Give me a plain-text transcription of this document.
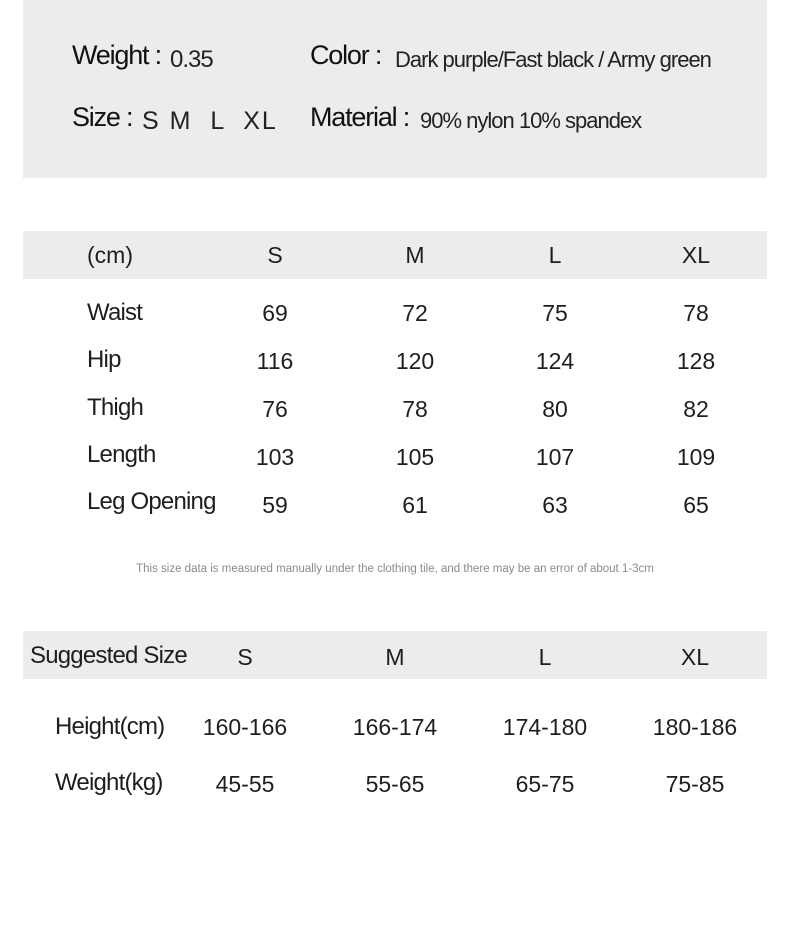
Weight : 0.35	Color : Dark purple/Fast black / Army green
Size : S M  L  XL Material : 90% nylon 10% spandex
(cm)	S	M	L	XL
Waist	69	72	75	78
Hip	116	120	124	128
Thigh	76	78	80	82
Length	103	105	107	109
Leg Opening 59	61	63	65
This size data is measured manually under the clothing tile, and there may be an error of about 1-3cm
Suggested Size S	M	L	XL
Height(cm) 160-166	166-174	174-180	180-186
Weight(kg) 45-55	55-65	65-75	75-85
